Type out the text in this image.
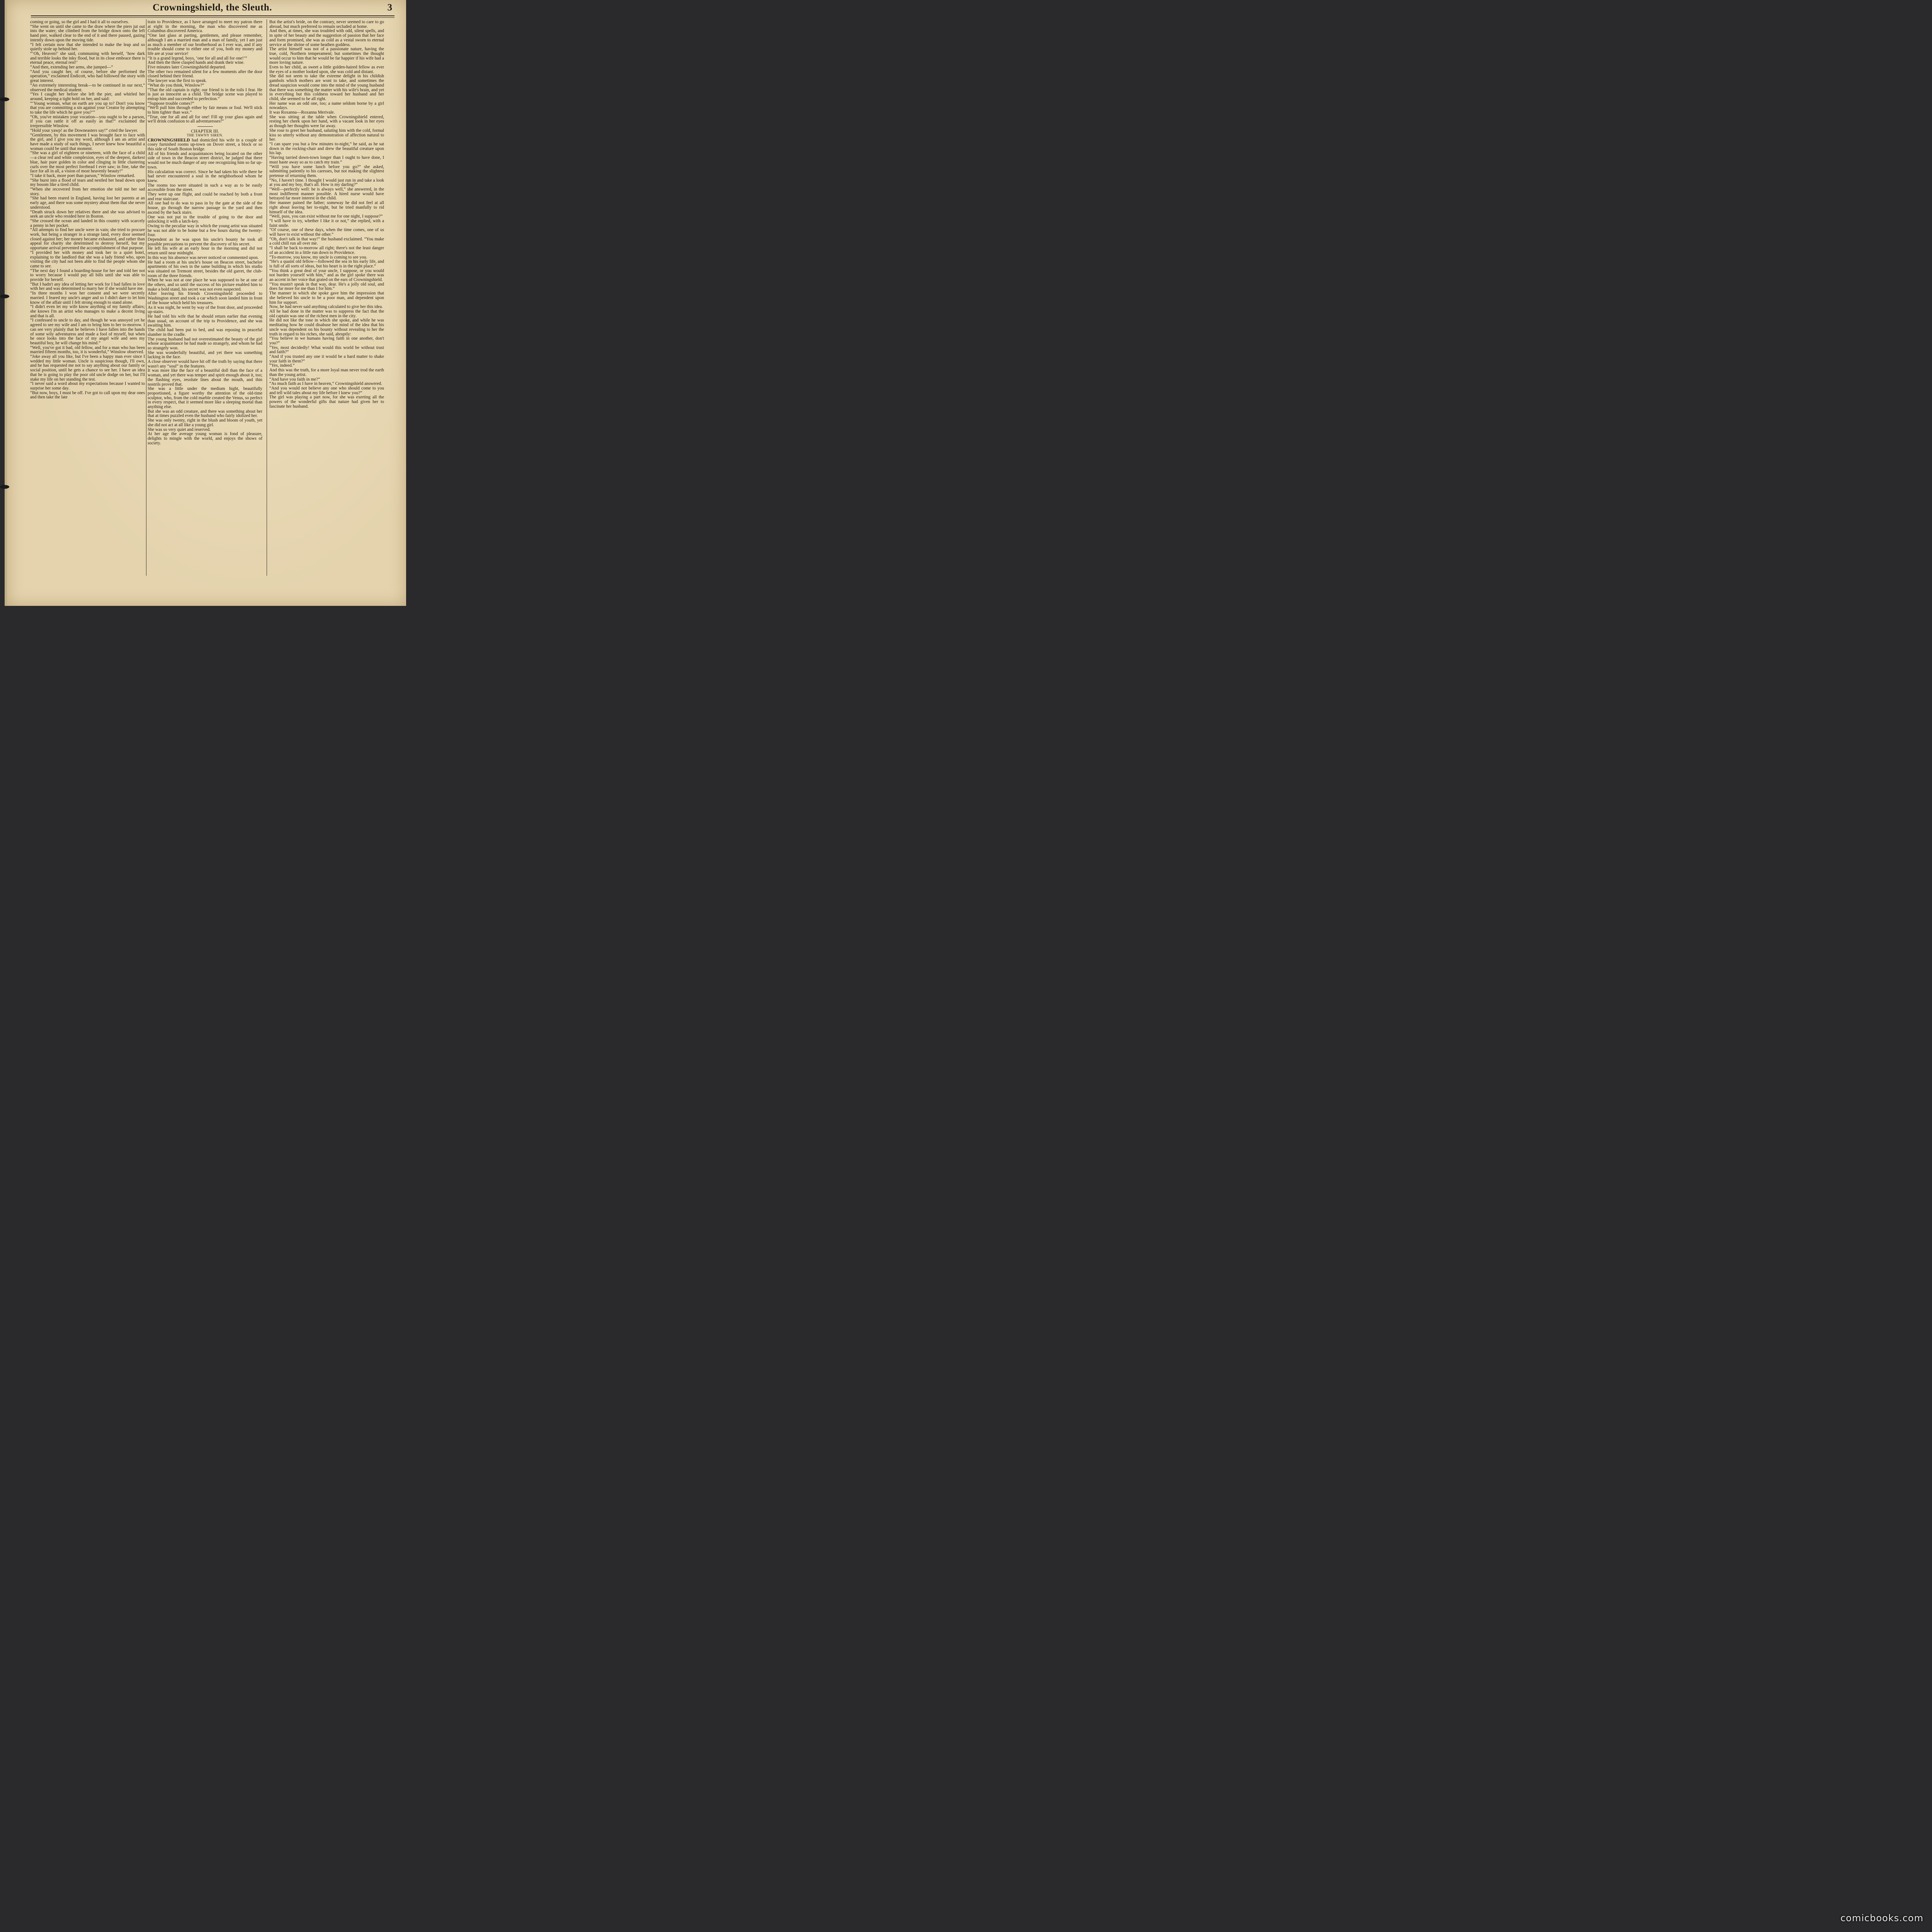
Crowningshield, the Sleuth.	3

coming or going, so the girl and I had it all to ourselves.

“She went on until she came to the draw where the piers jut out into the water; she climbed from the bridge down onto the left hand pier, walked clear to the end of it and there paused, gazing intently down upon the moving tide.

“I felt certain now that she intended to make the leap and so quietly stole up behind her.

“‘Oh, Heaven!’ she said, communing with herself, ‘how dark and terrible looks the inky flood, but in its close embrace there is eternal peace, eternal rest!’

“And then, extending her arms, she jumped—”

“And you caught her, of course, before she performed the operation,” exclaimed Endicott, who had followed the story with great interest.

“An extremely interesting break—to be continued in our next,” observed the medical student.

“Yes I caught her before she left the pier, and whirled her around, keeping a tight hold on her, and said:

“‘Young woman, what on earth are you up to? Don't you know that you are committing a sin against your Creator by attempting to take the life which he gave you?’”

“Oh, you've mistaken your vocation—you ought to be a parson, if you can rattle it off as easily as that!” exclaimed the irrepressible Winslow.

“Hold your yawp! as the Downeasters say!” cried the lawyer.

“Gentlemen, by this movement I was brought face to face with the girl, and I give you my word, although I am an artist and have made a study of such things, I never knew how beautiful a woman could be until that moment.

“She was a girl of eighteen or nineteen, with the face of a child—a clear red and white complexion, eyes of the deepest, darkest blue, hair pure golden in color and clinging in little clustering curls over the most perfect forehead I ever saw; in fine, take the face for all in all, a vision of most heavenly beauty!”

“I take it back, more poet than parson,” Winslow remarked.

“She burst into a flood of tears and nestled her head down upon my bosom like a tired child.

“When she recovered from her emotion she told me her sad story.

“She had been reared in England, having lost her parents at an early age, and there was some mystery about them that she never understood.

“Death struck down her relatives there and she was advised to seek an uncle who resided here in Boston.

“She crossed the ocean and landed in this country with scarcely a penny in her pocket.

“All attempts to find her uncle were in vain; she tried to procure work, but being a stranger in a strange land, every door seemed closed against her; her money became exhausted, and rather than appeal for charity she determined to destroy herself, but my opportune arrival prevented the accomplishment of that purpose.

“I provided her with money and took her to a quiet hotel, explaining to the landlord that she was a lady friend who, upon visiting the city had not been able to find the people whom she came to see.

“The next day I found a boarding-house for her and told her not to worry because I would pay all bills until she was able to provide for herself.

“But I hadn't any idea of letting her work for I had fallen in love with her and was determined to marry her if she would have me.

“In three months I won her consent and we were secretly married. I feared my uncle's anger and so I didn't dare to let him know of the affair until I felt strong enough to stand alone.

“I didn't even let my wife know anything of my family affairs; she knows I'm an artist who manages to make a decent living and that is all.

“I confessed to uncle to day, and though he was annoyed yet he agreed to see my wife and I am to bring him to her to-morrow. I can see very plainly that he believes I have fallen into the hands of some wily adventuress and made a fool of myself, but when he once looks into the face of my angel wife and sees my beautiful boy, he will change his mind.”

“Well, you've got it bad, old fellow, and for a man who has been married fifteen months, too, it is wonderful,” Winslow observed.

“Joke away all you like, but I've been a happy man ever since I wedded my little woman. Uncle is suspicious though, I'll own, and he has requested me not to say anything about our family or social position, until he gets a chance to see her. I have an idea that he is going to play the poor old uncle dodge on her, but I'll stake my life on her standing the test.

“I never said a word about my expectations because I wanted to surprise her some day.

“But now, boys, I must be off. I've got to call upon my dear ones and then take the late

train to Providence, as I have arranged to meet my patron there at eight in the morning, the man who discovered me as Columbus discovered America.

“One last glass at parting, gentlemen, and please remember, although I am a married man and a man of family, yet I am just as much a member of our brotherhood as I ever was, and if any trouble should come to either one of you, both my money and life are at your service!

“It is a grand legend, boys, ‘one for all and all for one!’”

And then the three clasped hands and drank their wine.

Five minutes later Crowningshield departed.

The other two remained silent for a few moments after the door closed behind their friend.

The lawyer was the first to speak.

“What do you think, Winslow?”

“That the old captain is right; our friend is in the toils I fear. He is just as innocent as a child. The bridge scene was played to entrap him and succeeded to perfection.”

“Suppose trouble comes?”

“We'll pull him through either by fair means or foul. We'll stick to him tighter than wax.”

“True, one for all and all for one! Fill up your glass again and we'll drink confusion to all adventuresses!”

CHAPTER III.
THE TAWNY SIREN.

CROWNINGSHIELD had domiciled his wife in a couple of cosey furnished rooms up-town on Dover street, a block or so this side of South Boston bridge.

All of his friends and acquaintances being located on the other side of town in the Beacon street district, he judged that there would not be much danger of any one recognizing him so far up-town.

His calculation was correct. Since he had taken his wife there he had never encountered a soul in the neighborhood whom he knew.

The rooms too were situated in such a way as to be easily accessible from the street.

They were up one flight, and could be reached by both a front and rear staircase.

All one had to do was to pass in by the gate at the side of the house, go through the narrow passage to the yard and then ascend by the back stairs.

One was not put to the trouble of going to the door and unlocking it with a latch-key.

Owing to the peculiar way in which the young artist was situated he was not able to be home but a few hours during the twenty-four.

Dependent as he was upon his uncle's bounty he took all possible precautions to prevent the discovery of his secret.

He left his wife at an early hour in the morning and did not return until near midnight.

In this way his absence was never noticed or commented upon.

He had a room at his uncle's house on Beacon street, bachelor apartments of his own in the same building in which his studio was situated on Tremont street, besides the old garret, the club-room of the three friends.

When he was not at one place he was supposed to be at one of the others, and so until the success of his picture enabled him to make a bold stand, his secret was not even suspected.

After leaving his friends Crowningshield proceeded to Washington street and took a car which soon landed him in front of the house which held his treasures.

As it was night, he went by way of the front door, and proceeded up-stairs.

He had told his wife that he should return earlier that evening than usual, on account of the trip to Providence, and she was awaiting him.

The child had been put to bed, and was reposing in peaceful slumber in the cradle.

The young husband had not overestimated the beauty of the girl whose acquaintance he had made so strangely, and whom he had so strangely won.

She was wonderfully beautiful, and yet there was something lacking in the face.

A close observer would have hit off the truth by saying that there wasn't any “soul” in the features.

It was more like the face of a beautiful doll than the face of a woman, and yet there was temper and spirit enough about it, too; the flashing eyes, resolute lines about the mouth, and thin nostrils proved that.

She was a little under the medium hight, beautifully proportioned, a figure worthy the attention of the old-time sculptor, who, from the cold marble created the Venus, so perfect in every respect, that it seemed more like a sleeping mortal than anything else.

But she was an odd creature, and there was something about her that at times puzzled even the husband who fairly idolized her.

She was only twenty, right in the blush and bloom of youth, yet she did not act at all like a young girl.

She was so very quiet and reserved.

At her age the average young woman is fond of pleasure, delights to mingle with the world, and enjoys the shows of society.

But the artist's bride, on the contrary, never seemed to care to go abroad, but much preferred to remain secluded at home.

And then, at times, she was troubled with odd, silent spells, and in spite of her beauty and the suggestion of passion that her face and form promised, she was as cold as a vestal sworn to eternal service at the shrine of some heathen goddess.

The artist himself was not of a passionate nature, having the true, cold, Northern temperament; but sometimes the thought would occur to him that he would be far happier if his wife had a more loving nature.

Even to her child, as sweet a little golden-haired fellow as ever the eyes of a mother looked upon, she was cold and distant.

She did not seem to take the extreme delight in his childish gambols which mothers are wont to take, and sometimes the dread suspicion would come into the mind of the young husband that there was something the matter with his wife's brain, and yet in everything but this coldness toward her husband and her child, she seemed to be all right.

Her name was an odd one, too; a name seldom borne by a girl nowadays.

It was Roxanna—Roxanna Merivale.

She was sitting at the table when Crowningshield entered, resting her cheek upon her hand, with a vacant look in her eyes as though her thoughts were far away.

She rose to greet her husband, saluting him with the cold, formal kiss so utterly without any demonstration of affection natural to her.

“I can spare you but a few minutes to-night,” he said, as he sat down in the rocking-chair and drew the beautiful creature upon his lap.

“Having tarried down-town longer than I ought to have done, I must haste away so as to catch my train.”

“Will you have some lunch before you go?” she asked, submitting patiently to his caresses, but not making the slightest pretense of returning them.

“No, I haven't time. I thought I would just run in and take a look at you and my boy, that's all. How is my darling?”

“Well—perfectly well: he is always well,” she answered, in the most indifferent manner possible. A hired nurse would have betrayed far more interest in the child.

Her manner pained the father; someway he did not feel at all right about leaving her to-night, but he tried manfully to rid himself of the idea.

“Well, puss, you can exist without me for one night, I suppose?”

“I will have to try, whether I like it or not,” she replied, with a faint smile.

“Of course, one of these days, when the time comes, one of us will have to exist without the other.”

“Oh, don't talk in that way!” the husband exclaimed. “You make a cold chill run all over me.

“I shall be back to-morrow all right; there's not the least danger of an accident in a little run down to Providence.

“To-morrow, you know, my uncle is coming to see you.

“He's a quaint old fellow—followed the sea in his early life, and is full of all sorts of ideas, but his heart is in the right place.”

“You think a great deal of your uncle, I suppose, or you would not burden yourself with him,” and as the girl spoke there was an accent in her voice that grated on the ears of Crowningshield.

“You mustn't speak in that way, dear. He's a jolly old soul, and does far more for me than I for him.”

The manner in which she spoke gave him the impression that she believed his uncle to be a poor man, and dependent upon him for support.

Now, he had never said anything calculated to give her this idea.

All he had done in the matter was to suppress the fact that the old captain was one of the richest men in the city.

He did not like the tone in which she spoke, and while he was meditating how he could disabuse her mind of the idea that his uncle was dependent on his bounty without revealing to her the truth in regard to his riches, she said, abruptly:

“You believe in we humans having faith in one another, don't you?”

“Yes, most decidedly! What would this world be without trust and faith?”

“And if you trusted any one it would be a hard matter to shake your faith in them?”

“Yes, indeed.”

And this was the truth, for a more loyal man never trod the earth than the young artist.

“And have you faith in me?”

“As much faith as I have in heaven,” Crowningshield answered.

“And you would not believe any one who should come to you and tell wild tales about my life before I knew you?”

The girl was playing a part now, for she was exerting all the powers of the wonderful gifts that nature had given her to fascinate her husband.

comicbooks.com
